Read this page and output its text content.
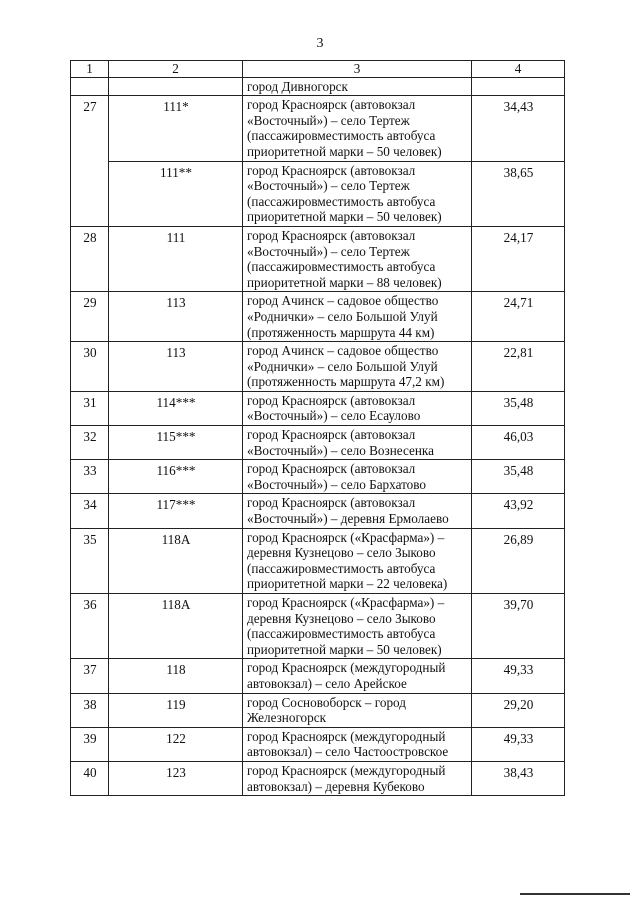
3
1	2	3	4
		город Дивногорск	
27	111*	город Красноярск (автовокзал «Восточный») – село Тертеж (пассажировместимость автобуса приоритетной марки – 50 человек)	34,43
	111**	город Красноярск (автовокзал «Восточный») – село Тертеж (пассажировместимость автобуса приоритетной марки – 50 человек)	38,65
28	111	город Красноярск (автовокзал «Восточный») – село Тертеж (пассажировместимость автобуса приоритетной марки – 88 человек)	24,17
29	113	город Ачинск – садовое общество «Роднички» – село Большой Улуй (протяженность маршрута 44 км)	24,71
30	113	город Ачинск – садовое общество «Роднички» – село Большой Улуй (протяженность маршрута 47,2 км)	22,81
31	114***	город Красноярск (автовокзал «Восточный») – село Есаулово	35,48
32	115***	город Красноярск (автовокзал «Восточный») – село Вознесенка	46,03
33	116***	город Красноярск (автовокзал «Восточный») – село Бархатово	35,48
34	117***	город Красноярск (автовокзал «Восточный») – деревня Ермолаево	43,92
35	118А	город Красноярск («Красфарма») – деревня Кузнецово – село Зыково (пассажировместимость автобуса приоритетной марки – 22 человека)	26,89
36	118А	город Красноярск («Красфарма») – деревня Кузнецово – село Зыково (пассажировместимость автобуса приоритетной марки – 50 человек)	39,70
37	118	город Красноярск (междугородный автовокзал) – село Арейское	49,33
38	119	город Сосновоборск – город Железногорск	29,20
39	122	город Красноярск (междугородный автовокзал) – село Частоостровское	49,33
40	123	город Красноярск (междугородный автовокзал) – деревня Кубеково	38,43
